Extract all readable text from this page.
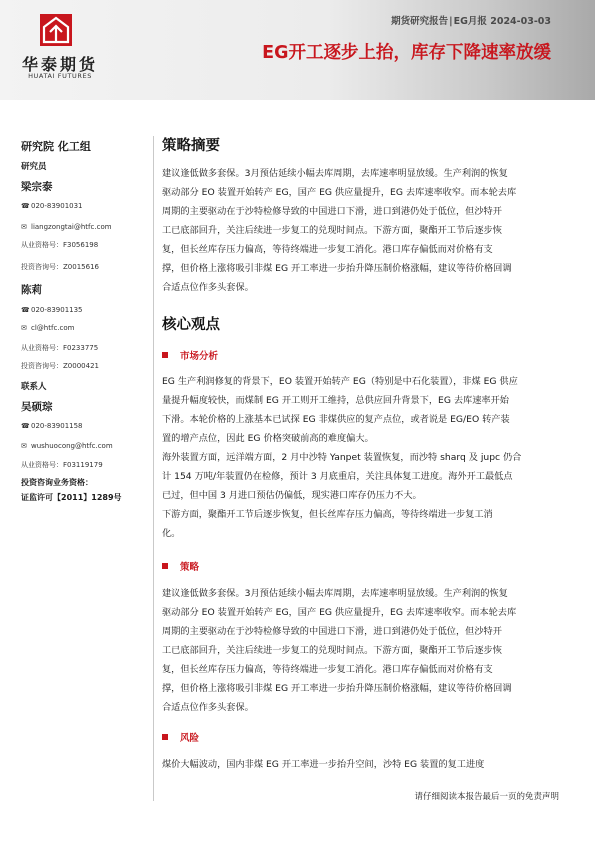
华泰期货
HUATAI FUTURES
期货研究报告|EG月报 2024-03-03
EG开工逐步上抬，库存下降速率放缓
研究院 化工组
研究员
梁宗泰
☎ 020-83901031
✉ liangzongtai@htfc.com
从业资格号： F3056198
投资咨询号： Z0015616
陈莉
☎ 020-83901135
✉ cl@htfc.com
从业资格号： F0233775
投资咨询号： Z0000421
联系人
吴硕琮
☎ 020-83901158
✉ wushuocong@htfc.com
从业资格号： F03119179
投资咨询业务资格：
证监许可【2011】1289号
策略摘要
建议逢低做多套保。3月预估延续小幅去库周期，去库速率明显放缓。生产利润的恢复
驱动部分 EO 装置开始转产 EG，国产 EG 供应量提升，EG 去库速率收窄。而本轮去库
周期的主要驱动在于沙特检修导致的中国进口下滑，进口到港仍处于低位，但沙特开
工已底部回升，关注后续进一步复工的兑现时间点。下游方面，聚酯开工节后逐步恢
复，但长丝库存压力偏高，等待终端进一步复工消化。港口库存偏低而对价格有支
撑，但价格上涨将吸引非煤 EG 开工率进一步抬升降压制价格涨幅，建议等待价格回调
合适点位作多头套保。
核心观点
市场分析
EG 生产利润修复的背景下，EO 装置开始转产 EG（特别是中石化装置），非煤 EG 供应
量提升幅度较快，而煤制 EG 开工则开工维持，总供应回升背景下，EG 去库速率开始
下滑。本轮价格的上涨基本已试探 EG 非煤供应的复产点位，或者说是 EG/EO 转产装
置的增产点位，因此 EG 价格突破前高的难度偏大。
海外装置方面，远洋端方面，2 月中沙特 Yanpet 装置恢复，而沙特 sharq 及 jupc 仍合
计 154 万吨/年装置仍在检修，预计 3 月底重启，关注具体复工进度。海外开工最低点
已过，但中国 3 月进口预估仍偏低，现实港口库存仍压力不大。
下游方面，聚酯开工节后逐步恢复，但长丝库存压力偏高，等待终端进一步复工消
化。
策略
建议逢低做多套保。3月预估延续小幅去库周期，去库速率明显放缓。生产利润的恢复
驱动部分 EO 装置开始转产 EG，国产 EG 供应量提升，EG 去库速率收窄。而本轮去库
周期的主要驱动在于沙特检修导致的中国进口下滑，进口到港仍处于低位，但沙特开
工已底部回升，关注后续进一步复工的兑现时间点。下游方面，聚酯开工节后逐步恢
复，但长丝库存压力偏高，等待终端进一步复工消化。港口库存偏低而对价格有支
撑，但价格上涨将吸引非煤 EG 开工率进一步抬升降压制价格涨幅，建议等待价格回调
合适点位作多头套保。
风险
煤价大幅波动，国内非煤 EG 开工率进一步抬升空间，沙特 EG 装置的复工进度
请仔细阅读本报告最后一页的免责声明
